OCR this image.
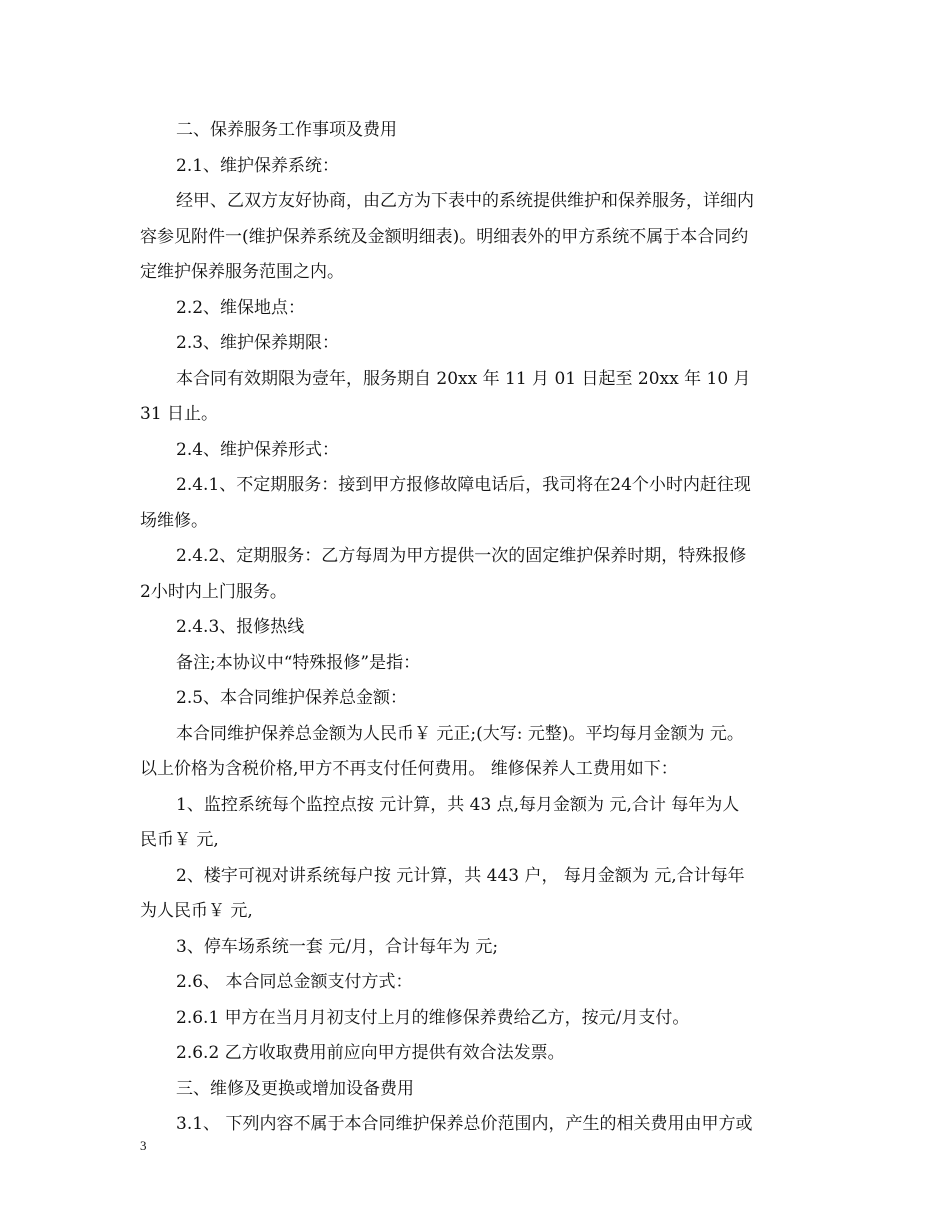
二、保养服务工作事项及费用
2.1、维护保养系统：
经甲、乙双方友好协商，由乙方为下表中的系统提供维护和保养服务，详细内
容参见附件一(维护保养系统及金额明细表)。明细表外的甲方系统不属于本合同约
定维护保养服务范围之内。
2.2、维保地点：
2.3、维护保养期限：
本合同有效期限为壹年，服务期自 20xx 年 11 月 01 日起至 20xx 年 10 月
31 日止。
2.4、维护保养形式：
2.4.1、不定期服务：接到甲方报修故障电话后，我司将在24个小时内赶往现
场维修。
2.4.2、定期服务：乙方每周为甲方提供一次的固定维护保养时期，特殊报修
2小时内上门服务。
2.4.3、报修热线
备注;本协议中“特殊报修”是指：
2.5、本合同维护保养总金额：
本合同维护保养总金额为人民币￥ 元正;(大写: 元整)。平均每月金额为 元。
以上价格为含税价格,甲方不再支付任何费用。 维修保养人工费用如下：
1、监控系统每个监控点按 元计算，共 43 点,每月金额为 元,合计 每年为人
民币￥ 元,
2、楼宇可视对讲系统每户按 元计算，共 443 户， 每月金额为 元,合计每年
为人民币￥ 元,
3、停车场系统一套 元/月，合计每年为 元;
2.6、 本合同总金额支付方式：
2.6.1 甲方在当月月初支付上月的维修保养费给乙方，按元/月支付。
2.6.2 乙方收取费用前应向甲方提供有效合法发票。
三、维修及更换或增加设备费用
3.1、 下列内容不属于本合同维护保养总价范围内，产生的相关费用由甲方或
3
